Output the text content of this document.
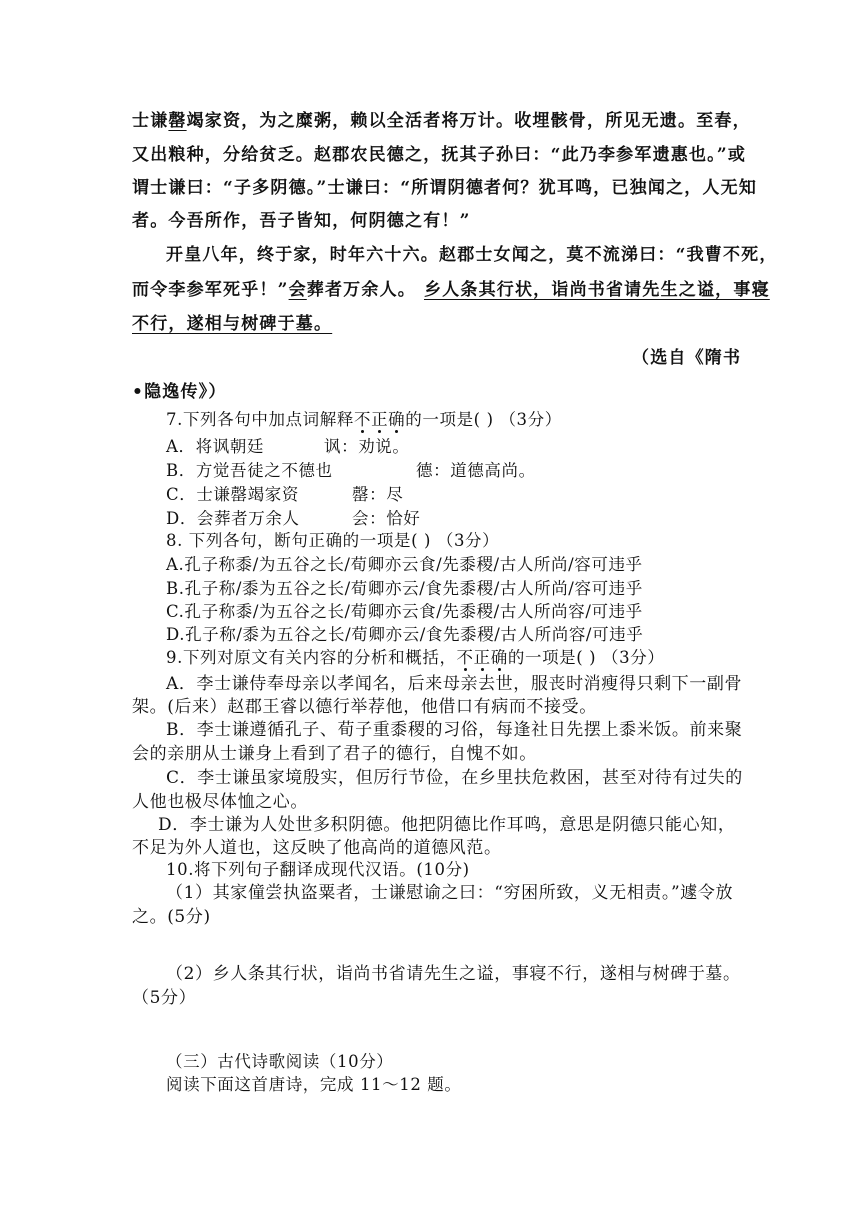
士谦罄竭家资，为之糜粥，赖以全活者将万计。收埋骸骨，所见无遗。至春，
又出粮种，分给贫乏。赵郡农民德之，抚其子孙曰：“此乃李参军遗惠也。”或
谓士谦曰：“子多阴德。”士谦曰：“所谓阴德者何？犹耳鸣，已独闻之，人无知
者。今吾所作，吾子皆知，何阴德之有！”
开皇八年，终于家，时年六十六。赵郡士女闻之，莫不流涕曰：“我曹不死，
而令李参军死乎！”会葬者万余人。 乡人条其行状，诣尚书省请先生之谥，事寝
不行，遂相与树碑于墓。
（选自《隋书
•隐逸传》）
7.下列各句中加点词解释不正确的一项是( ) （3分）
A．将讽朝廷	讽：劝说。
B．方觉吾徒之不德也	德：道德高尚。
C．士谦罄竭家资	罄：尽
D．会葬者万余人	会：恰好
8. 下列各句，断句正确的一项是( ) （3分）
A.孔子称黍/为五谷之长/荀卿亦云食/先黍稷/古人所尚/容可违乎
B.孔子称/黍为五谷之长/荀卿亦云/食先黍稷/古人所尚/容可违乎
C.孔子称黍/为五谷之长/荀卿亦云食/先黍稷/古人所尚容/可违乎
D.孔子称/黍为五谷之长/荀卿亦云/食先黍稷/古人所尚容/可违乎
9.下列对原文有关内容的分析和概括，不正确的一项是( ) （3分）
A．李士谦侍奉母亲以孝闻名，后来母亲去世，服丧时消瘦得只剩下一副骨
架。(后来）赵郡王睿以德行举荐他，他借口有病而不接受。
B．李士谦遵循孔子、荀子重黍稷的习俗，每逢社日先摆上黍米饭。前来聚
会的亲朋从士谦身上看到了君子的德行，自愧不如。
C．李士谦虽家境殷实，但厉行节俭，在乡里扶危救困，甚至对待有过失的
人他也极尽体恤之心。
D．李士谦为人处世多积阴德。他把阴德比作耳鸣，意思是阴德只能心知，
不足为外人道也，这反映了他高尚的道德风范。
10.将下列句子翻译成现代汉语。(10分)
（1）其家僮尝执盗粟者，士谦慰谕之曰：“穷困所致，义无相责。”遽令放
之。(5分)
（2）乡人条其行状，诣尚书省请先生之谥，事寝不行，遂相与树碑于墓。
（5分）
（三）古代诗歌阅读（10分）
阅读下面这首唐诗，完成 11～12 题。
